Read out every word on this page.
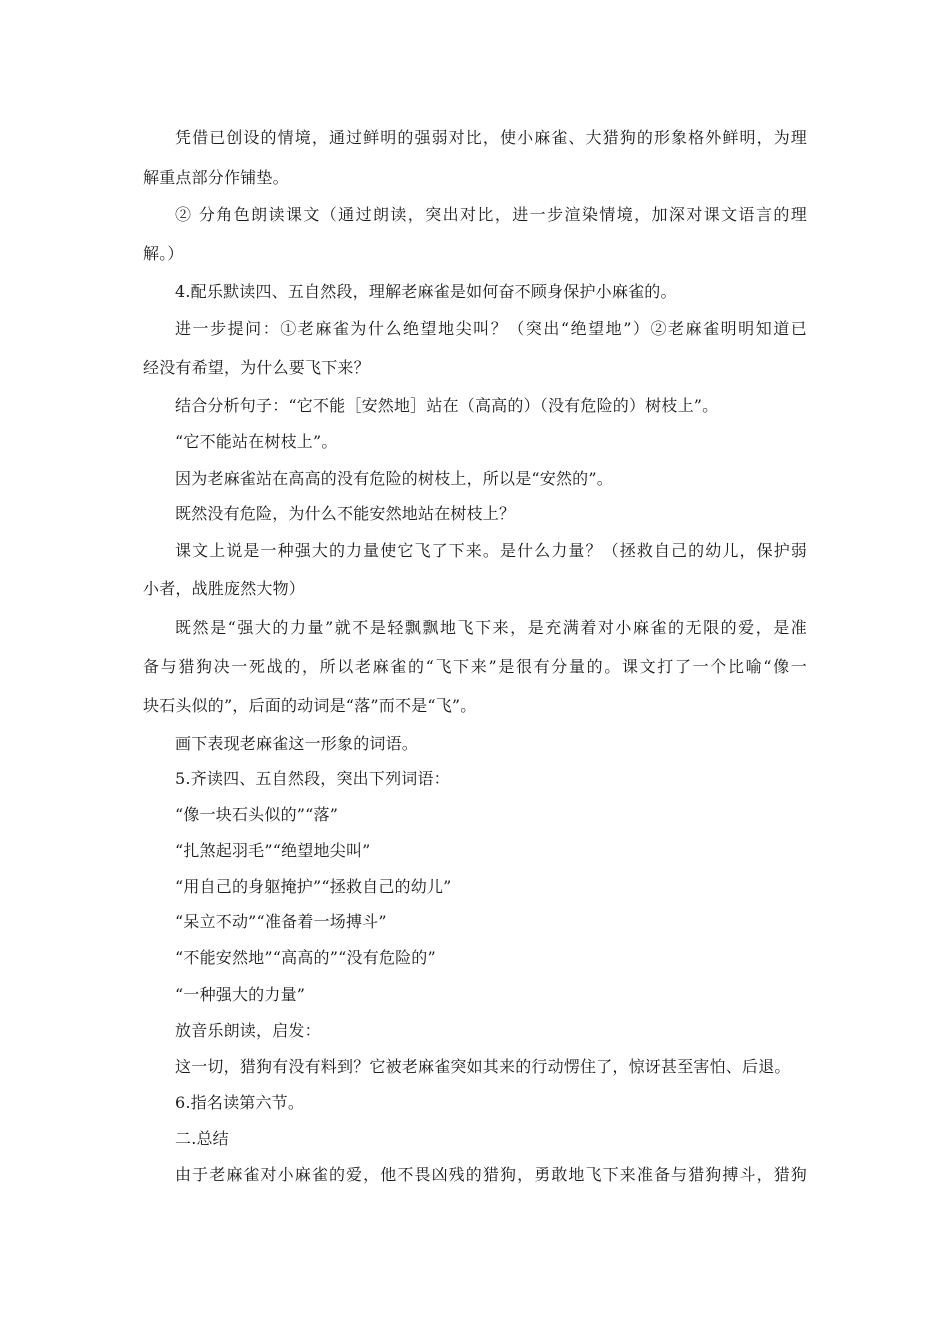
凭借已创设的情境，通过鲜明的强弱对比，使小麻雀、大猎狗的形象格外鲜明，为理

解重点部分作铺垫。

② 分角色朗读课文（通过朗读，突出对比，进一步渲染情境，加深对课文语言的理

解。）

4.配乐默读四、五自然段，理解老麻雀是如何奋不顾身保护小麻雀的。

进一步提问：①老麻雀为什么绝望地尖叫？（突出“绝望地”）②老麻雀明明知道已

经没有希望，为什么要飞下来？

结合分析句子：“它不能［安然地］站在（高高的）（没有危险的）树枝上”。

“它不能站在树枝上”。

因为老麻雀站在高高的没有危险的树枝上，所以是“安然的”。

既然没有危险，为什么不能安然地站在树枝上？

课文上说是一种强大的力量使它飞了下来。是什么力量？（拯救自己的幼儿，保护弱

小者，战胜庞然大物）

既然是“强大的力量”就不是轻飘飘地飞下来，是充满着对小麻雀的无限的爱，是准

备与猎狗决一死战的，所以老麻雀的“飞下来”是很有分量的。课文打了一个比喻“像一

块石头似的”，后面的动词是“落”而不是“飞”。

画下表现老麻雀这一形象的词语。

5.齐读四、五自然段，突出下列词语：

“像一块石头似的”“落”

“扎煞起羽毛”“绝望地尖叫”

“用自己的身躯掩护”“拯救自己的幼儿”

“呆立不动”“准备着一场搏斗”

“不能安然地”“高高的”“没有危险的”

“一种强大的力量”

放音乐朗读，启发：

这一切，猎狗有没有料到？它被老麻雀突如其来的行动愣住了，惊讶甚至害怕、后退。

6.指名读第六节。

二.总结

由于老麻雀对小麻雀的爱，他不畏凶残的猎狗，勇敢地飞下来准备与猎狗搏斗，猎狗
